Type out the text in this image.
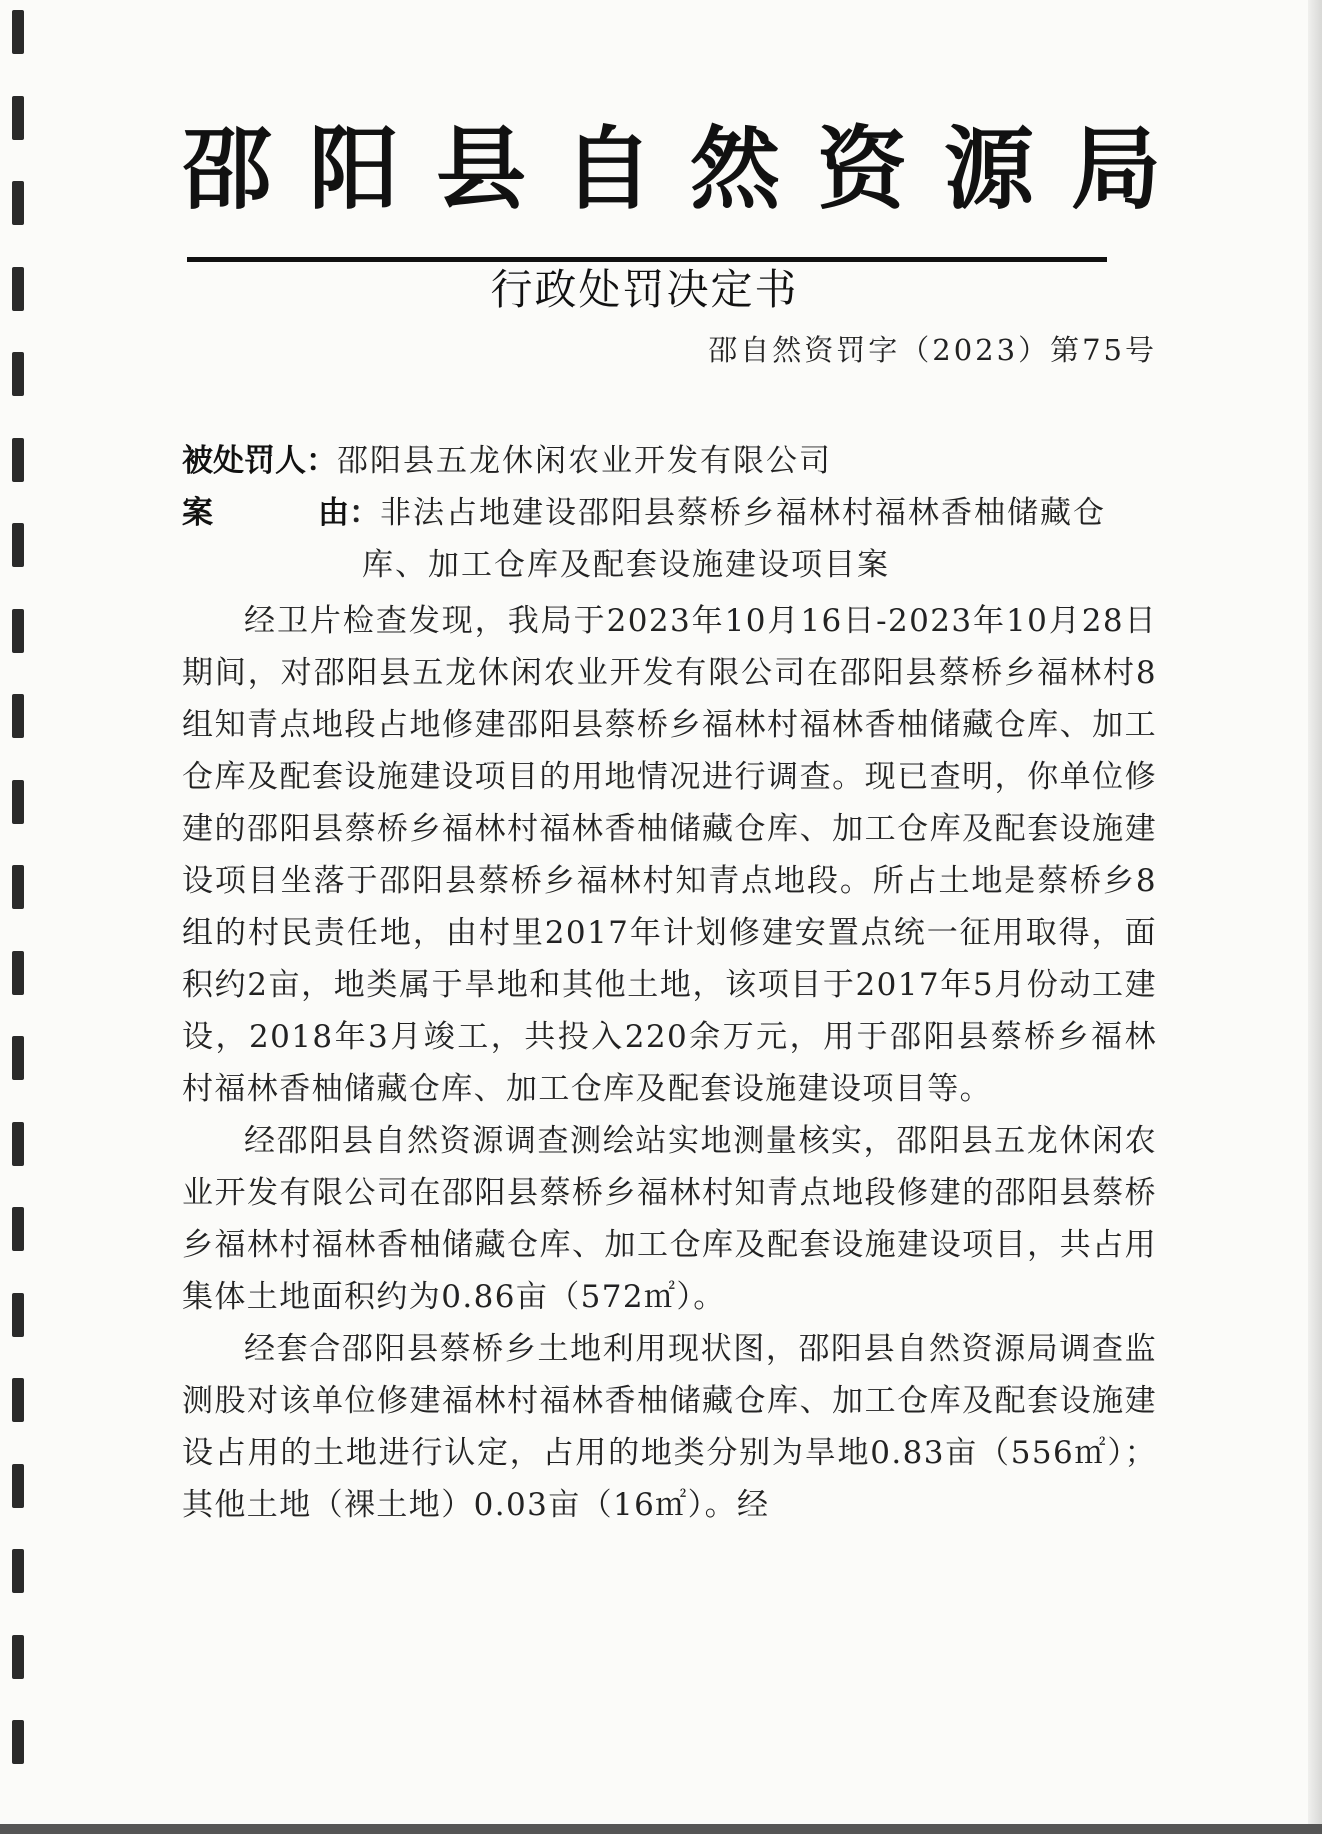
邵阳县自然资源局
行政处罚决定书
邵自然资罚字（2023）第75号
被处罚人：邵阳县五龙休闲农业开发有限公司
案由：非法占地建设邵阳县蔡桥乡福林村福林香柚储藏仓
库、加工仓库及配套设施建设项目案

经卫片检查发现，我局于2023年10月16日-2023年10月28日期间，对邵阳县五龙休闲农业开发有限公司在邵阳县蔡桥乡福林村8组知青点地段占地修建邵阳县蔡桥乡福林村福林香柚储藏仓库、加工仓库及配套设施建设项目的用地情况进行调查。现已查明，你单位修建的邵阳县蔡桥乡福林村福林香柚储藏仓库、加工仓库及配套设施建设项目坐落于邵阳县蔡桥乡福林村知青点地段。所占土地是蔡桥乡8组的村民责任地，由村里2017年计划修建安置点统一征用取得，面积约2亩，地类属于旱地和其他土地，该项目于2017年5月份动工建设，2018年3月竣工，共投入220余万元，用于邵阳县蔡桥乡福林村福林香柚储藏仓库、加工仓库及配套设施建设项目等。

经邵阳县自然资源调查测绘站实地测量核实，邵阳县五龙休闲农业开发有限公司在邵阳县蔡桥乡福林村知青点地段修建的邵阳县蔡桥乡福林村福林香柚储藏仓库、加工仓库及配套设施建设项目，共占用集体土地面积约为0.86亩（572㎡）。

经套合邵阳县蔡桥乡土地利用现状图，邵阳县自然资源局调查监测股对该单位修建福林村福林香柚储藏仓库、加工仓库及配套设施建设占用的土地进行认定，占用的地类分别为旱地0.83亩（556㎡）；其他土地（裸土地）0.03亩（16㎡）。经
